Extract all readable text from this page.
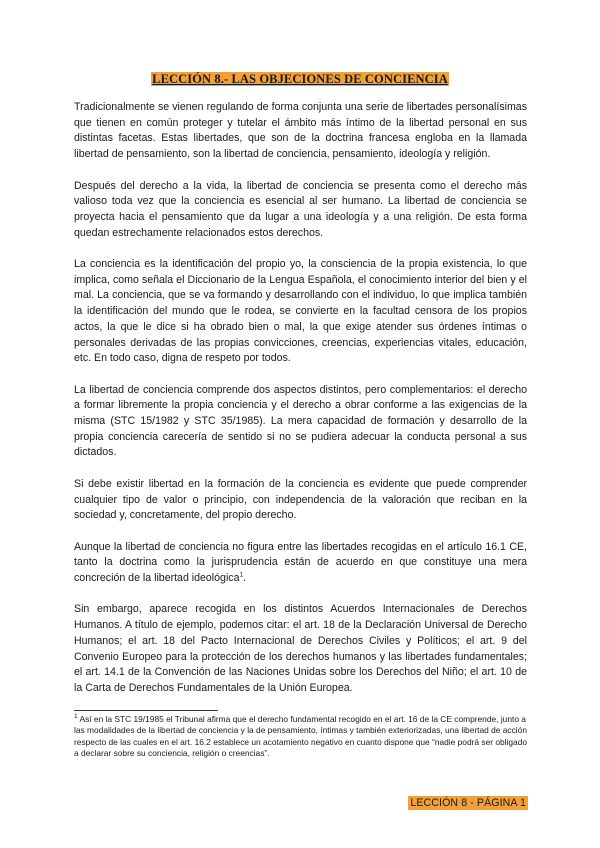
LECCIÓN 8.- LAS OBJECIONES DE CONCIENCIA

Tradicionalmente se vienen regulando de forma conjunta una serie de libertades personalísimas que tienen en común proteger y tutelar el ámbito más íntimo de la libertad personal en sus distintas facetas. Estas libertades, que son de la doctrina francesa engloba en la llamada libertad de pensamiento, son la libertad de conciencia, pensamiento, ideología y religión.

Después del derecho a la vida, la libertad de conciencia se presenta como el derecho más valioso toda vez que la conciencia es esencial al ser humano. La libertad de conciencia se proyecta hacia el pensamiento que da lugar a una ideología y a una religión. De esta forma quedan estrechamente relacionados estos derechos.

La conciencia es la identificación del propio yo, la consciencia de la propia existencia, lo que implica, como señala el Diccionario de la Lengua Española, el conocimiento interior del bien y el mal. La conciencia, que se va formando y desarrollando con el individuo, lo que implica también la identificación del mundo que le rodea, se convierte en la facultad censora de los propios actos, la que le dice si ha obrado bien o mal, la que exige atender sus órdenes íntimas o personales derivadas de las propias convicciones, creencias, experiencias vitales, educación, etc. En todo caso, digna de respeto por todos.

La libertad de conciencia comprende dos aspectos distintos, pero complementarios: el derecho a formar libremente la propia conciencia y el derecho a obrar conforme a las exigencias de la misma (STC 15/1982 y STC 35/1985). La mera capacidad de formación y desarrollo de la propia conciencia carecería de sentido si no se pudiera adecuar la conducta personal a sus dictados.

Si debe existir libertad en la formación de la conciencia es evidente que puede comprender cualquier tipo de valor o principio, con independencia de la valoración que reciban en la sociedad y, concretamente, del propio derecho.

Aunque la libertad de conciencia no figura entre las libertades recogidas en el artículo 16.1 CE, tanto la doctrina como la jurisprudencia están de acuerdo en que constituye una mera concreción de la libertad ideológica$^1$.

Sin embargo, aparece recogida en los distintos Acuerdos Internacionales de Derechos Humanos. A título de ejemplo, podemos citar: el art. 18 de la Declaración Universal de Derecho Humanos; el art. 18 del Pacto Internacional de Derechos Civiles y Políticos; el art. 9 del Convenio Europeo para la protección de los derechos humanos y las libertades fundamentales; el art. 14.1 de la Convención de las Naciones Unidas sobre los Derechos del Niño; el art. 10 de la Carta de Derechos Fundamentales de la Unión Europea.

$^1$ Así en la STC 19/1985 el Tribunal afirma que el derecho fundamental recogido en el art. 16 de la CE comprende, junto a las modalidades de la libertad de conciencia y la de pensamiento, íntimas y también exteriorizadas, una libertad de acción respecto de las cuales en el art. 16.2 establece un acotamiento negativo en cuanto dispone que “nadie podrá ser obligado a declarar sobre su conciencia, religión o creencias”.
LECCIÓN 8 - PÁGINA 1
